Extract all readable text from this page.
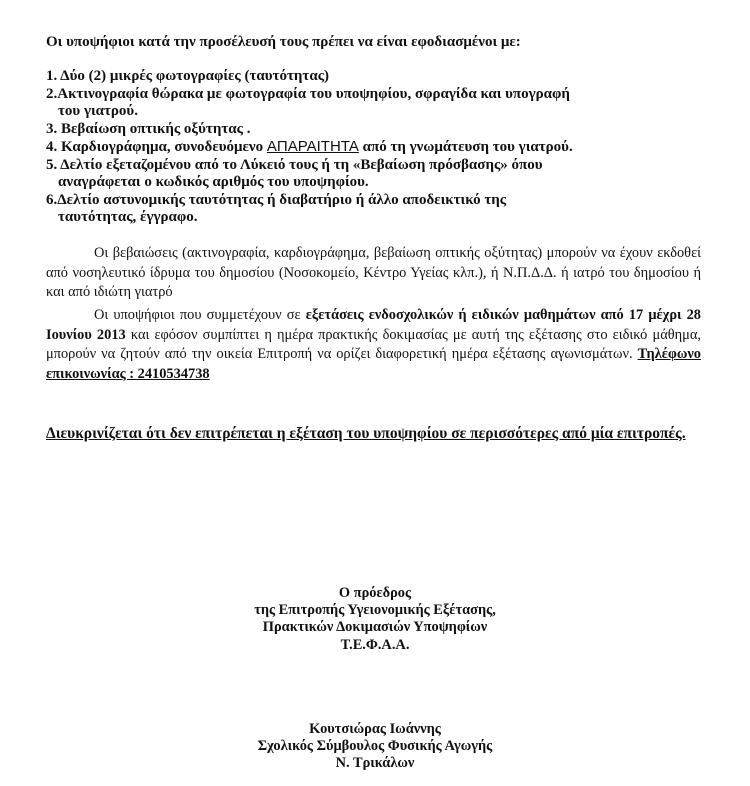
Οι υποψήφιοι κατά την προσέλευσή τους πρέπει να είναι εφοδιασμένοι με:
1. Δύο (2) μικρές φωτογραφίες (ταυτότητας)
2.Ακτινογραφία θώρακα με φωτογραφία του υποψηφίου, σφραγίδα και υπογραφή
του γιατρού.
3. Βεβαίωση οπτικής οξύτητας .
4. Καρδιογράφημα, συνοδευόμενο ΑΠΑΡΑΙΤΗΤΑ από τη γνωμάτευση του γιατρού.
5. Δελτίο εξεταζομένου από το Λύκειό τους ή τη «Βεβαίωση πρόσβασης» όπου
αναγράφεται ο κωδικός αριθμός του υποψηφίου.
6.Δελτίο αστυνομικής ταυτότητας ή διαβατήριο ή άλλο αποδεικτικό της
ταυτότητας, έγγραφο.

Οι βεβαιώσεις (ακτινογραφία, καρδιογράφημα, βεβαίωση οπτικής οξύτητας) μπορούν να έχουν εκδοθεί από νοσηλευτικό ίδρυμα του δημοσίου (Νοσοκομείο, Κέντρο Υγείας κλπ.), ή Ν.Π.Δ.Δ. ή ιατρό του δημοσίου ή και από ιδιώτη γιατρό

Οι υποψήφιοι που συμμετέχουν σε εξετάσεις ενδοσχολικών ή ειδικών μαθημάτων από 17 μέχρι 28 Ιουνίου 2013 και εφόσον συμπίπτει η ημέρα πρακτικής δοκιμασίας με αυτή της εξέτασης στο ειδικό μάθημα, μπορούν να ζητούν από την οικεία Επιτροπή να ορίζει διαφορετική ημέρα εξέτασης αγωνισμάτων. Τηλέφωνο επικοινωνίας : 2410534738

Διευκρινίζεται ότι δεν επιτρέπεται η εξέταση του υποψηφίου σε περισσότερες από μία επιτροπές.
Ο πρόεδρος
της Επιτροπής Υγειονομικής Εξέτασης,
Πρακτικών Δοκιμασιών Υποψηφίων
Τ.Ε.Φ.Α.Α.
Κουτσιώρας Ιωάννης
Σχολικός Σύμβουλος Φυσικής Αγωγής
Ν. Τρικάλων
